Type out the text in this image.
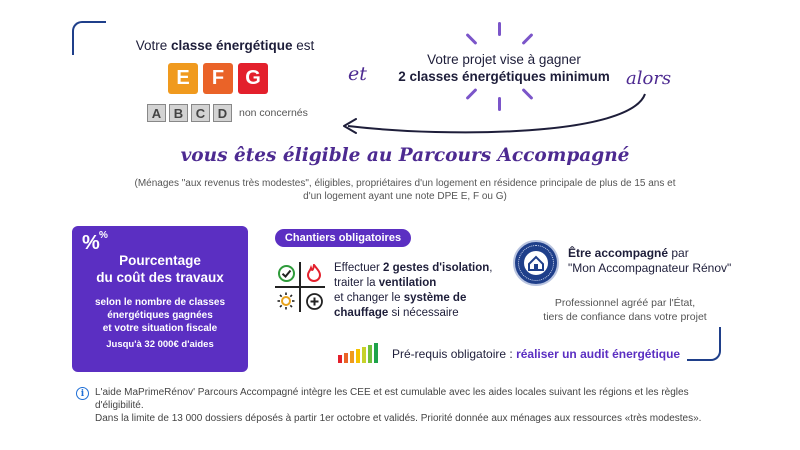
Votre classe énergétique est
E	F	G
A B C D	non concernés
et
Votre projet vise à gagner
2 classes énergétiques minimum alors
vous êtes éligible au Parcours Accompagné
(Ménages "aux revenus très modestes", éligibles, propriétaires d'un logement en résidence principale de plus de 15 ans et
d'un logement ayant une note DPE E, F ou G)
% %
Pourcentage
du coût des travaux
selon le nombre de classes
énergétiques gagnées
et votre situation fiscale
Jusqu'à 32 000€ d'aides
Chantiers obligatoires
Effectuer 2 gestes d'isolation,
traiter la ventilation
et changer le système de
chauffage si nécessaire
Être accompagné par
"Mon Accompagnateur Rénov"
Professionnel agréé par l'État,
tiers de confiance dans votre projet
Pré-requis obligatoire : réaliser un audit énergétique
i	L'aide MaPrimeRénov' Parcours Accompagné intègre les CEE et est cumulable avec les aides locales suivant les régions et les règles d'éligibilité.
Dans la limite de 13 000 dossiers déposés à partir 1er octobre et validés. Priorité donnée aux ménages aux ressources «très modestes».
